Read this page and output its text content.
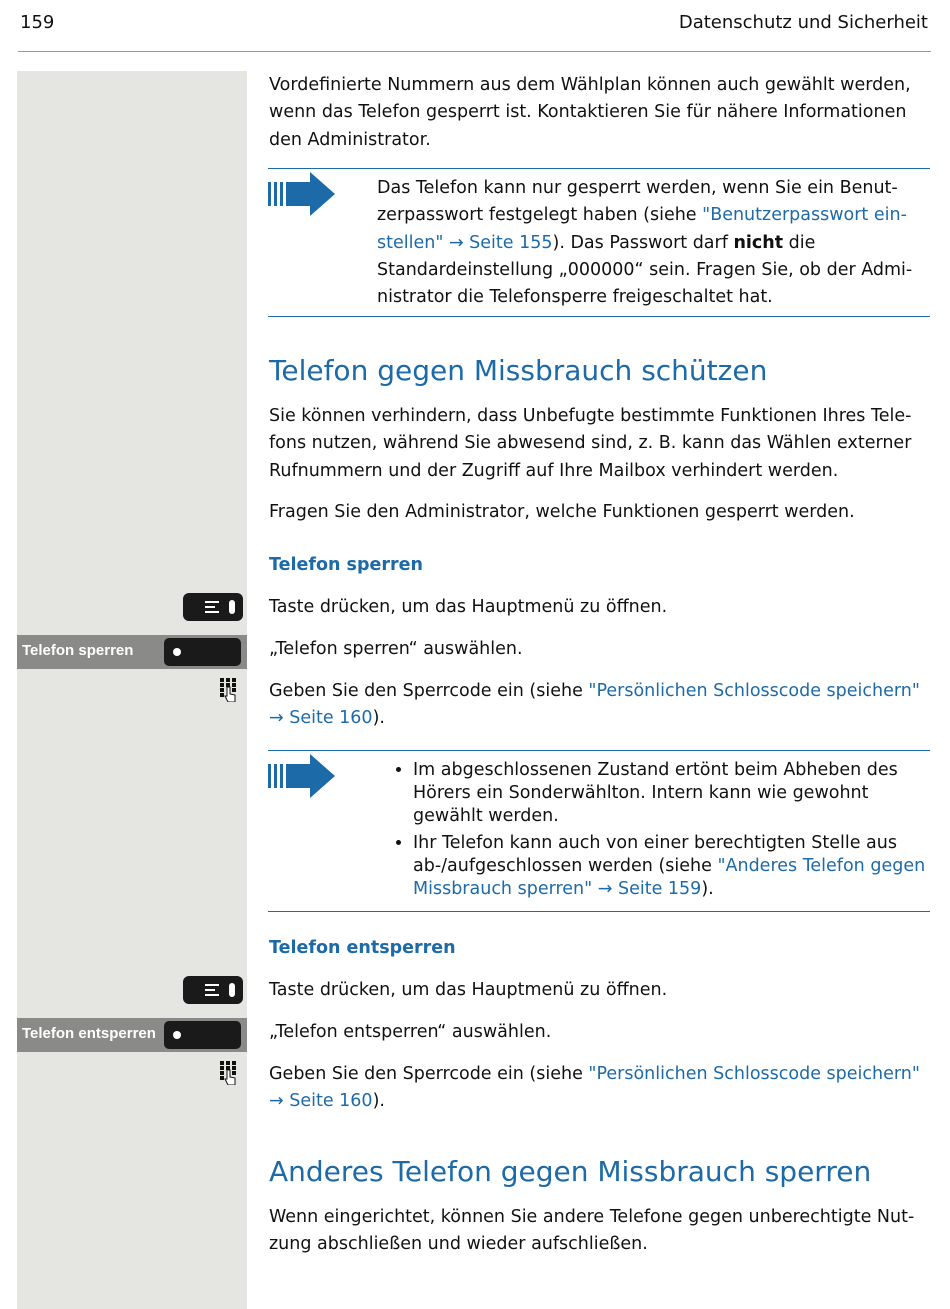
159	Datenschutz und Sicherheit
Vordefinierte Nummern aus dem Wählplan können auch gewählt werden, wenn das Telefon gesperrt ist. Kontaktieren Sie für nähere Informationen den Administrator.
Das Telefon kann nur gesperrt werden, wenn Sie ein Benutzerpasswort festgelegt haben (siehe "Benutzerpasswort einstellen" → Seite 155). Das Passwort darf nicht die Standardeinstellung „000000“ sein. Fragen Sie, ob der Administrator die Telefonsperre freigeschaltet hat.
Telefon gegen Missbrauch schützen
Sie können verhindern, dass Unbefugte bestimmte Funktionen Ihres Telefons nutzen, während Sie abwesend sind, z. B. kann das Wählen externer Rufnummern und der Zugriff auf Ihre Mailbox verhindert werden.
Fragen Sie den Administrator, welche Funktionen gesperrt werden.
Telefon sperren
Taste drücken, um das Hauptmenü zu öffnen.
Telefon sperren	„Telefon sperren“ auswählen.
Geben Sie den Sperrcode ein (siehe "Persönlichen Schlosscode speichern" → Seite 160).
• Im abgeschlossenen Zustand ertönt beim Abheben des Hörers ein Sonderwählton. Intern kann wie gewohnt gewählt werden.
• Ihr Telefon kann auch von einer berechtigten Stelle aus ab-/aufgeschlossen werden (siehe "Anderes Telefon gegen Missbrauch sperren" → Seite 159).
Telefon entsperren
Taste drücken, um das Hauptmenü zu öffnen.
Telefon entsperren	„Telefon entsperren“ auswählen.
Geben Sie den Sperrcode ein (siehe "Persönlichen Schlosscode speichern" → Seite 160).
Anderes Telefon gegen Missbrauch sperren
Wenn eingerichtet, können Sie andere Telefone gegen unberechtigte Nutzung abschließen und wieder aufschließen.
